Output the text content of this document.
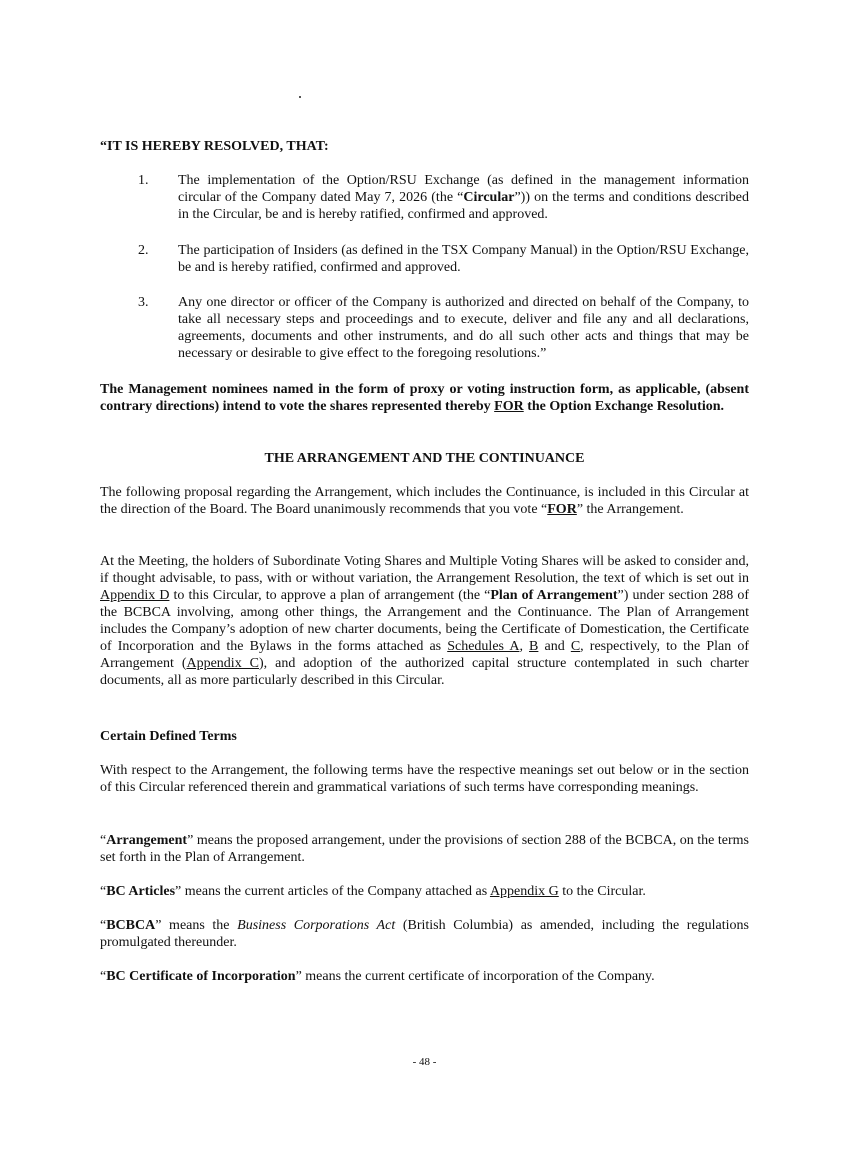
“IT IS HEREBY RESOLVED, THAT:
1.	The implementation of the Option/RSU Exchange (as defined in the management information circular of the Company dated May 7, 2026 (the “Circular”)) on the terms and conditions described in the Circular, be and is hereby ratified, confirmed and approved.
2.	The participation of Insiders (as defined in the TSX Company Manual) in the Option/RSU Exchange, be and is hereby ratified, confirmed and approved.
3.	Any one director or officer of the Company is authorized and directed on behalf of the Company, to take all necessary steps and proceedings and to execute, deliver and file any and all declarations, agreements, documents and other instruments, and do all such other acts and things that may be necessary or desirable to give effect to the foregoing resolutions.”
The Management nominees named in the form of proxy or voting instruction form, as applicable, (absent contrary directions) intend to vote the shares represented thereby FOR the Option Exchange Resolution.
THE ARRANGEMENT AND THE CONTINUANCE
The following proposal regarding the Arrangement, which includes the Continuance, is included in this Circular at the direction of the Board. The Board unanimously recommends that you vote “FOR” the Arrangement.
At the Meeting, the holders of Subordinate Voting Shares and Multiple Voting Shares will be asked to consider and, if thought advisable, to pass, with or without variation, the Arrangement Resolution, the text of which is set out in Appendix D to this Circular, to approve a plan of arrangement (the “Plan of Arrangement”) under section 288 of the BCBCA involving, among other things, the Arrangement and the Continuance. The Plan of Arrangement includes the Company’s adoption of new charter documents, being the Certificate of Domestication, the Certificate of Incorporation and the Bylaws in the forms attached as Schedules A, B and C, respectively, to the Plan of Arrangement (Appendix C), and adoption of the authorized capital structure contemplated in such charter documents, all as more particularly described in this Circular.
Certain Defined Terms
With respect to the Arrangement, the following terms have the respective meanings set out below or in the section of this Circular referenced therein and grammatical variations of such terms have corresponding meanings.
“Arrangement” means the proposed arrangement, under the provisions of section 288 of the BCBCA, on the terms set forth in the Plan of Arrangement.
“BC Articles” means the current articles of the Company attached as Appendix G to the Circular.
“BCBCA” means the Business Corporations Act (British Columbia) as amended, including the regulations promulgated thereunder.
“BC Certificate of Incorporation” means the current certificate of incorporation of the Company.
- 48 -
